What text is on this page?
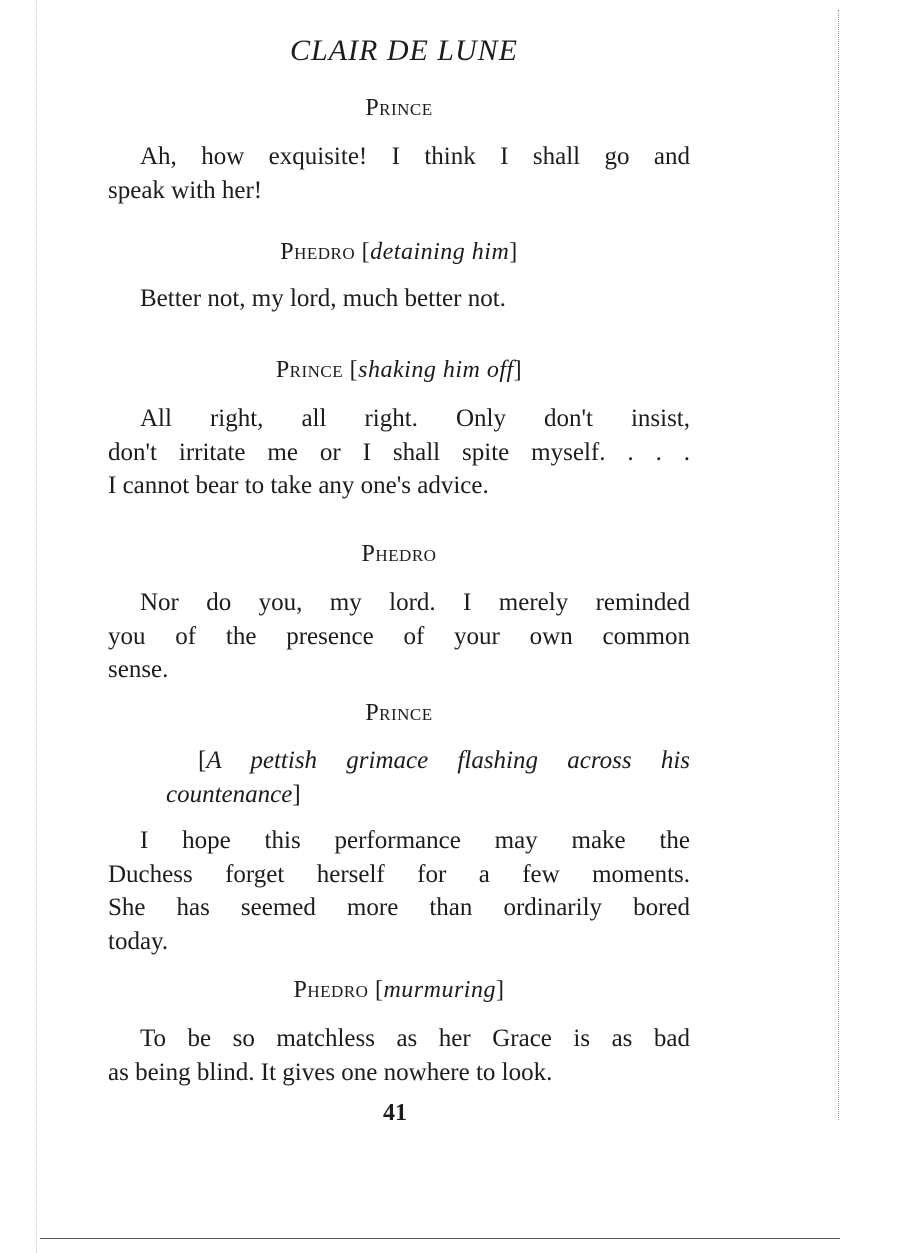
CLAIR DE LUNE
Prince
Ah, how exquisite! I think I shall go and
speak with her!
Phedro [detaining him]
Better not, my lord, much better not.
Prince [shaking him off]
All right, all right. Only don't insist,
don't irritate me or I shall spite myself. . . .
I cannot bear to take any one's advice.
Phedro
Nor do you, my lord. I merely reminded
you of the presence of your own common
sense.
Prince
[A pettish grimace flashing across his
countenance]
I hope this performance may make the
Duchess forget herself for a few moments.
She has seemed more than ordinarily bored
today.
Phedro [murmuring]
To be so matchless as her Grace is as bad
as being blind. It gives one nowhere to look.
41
